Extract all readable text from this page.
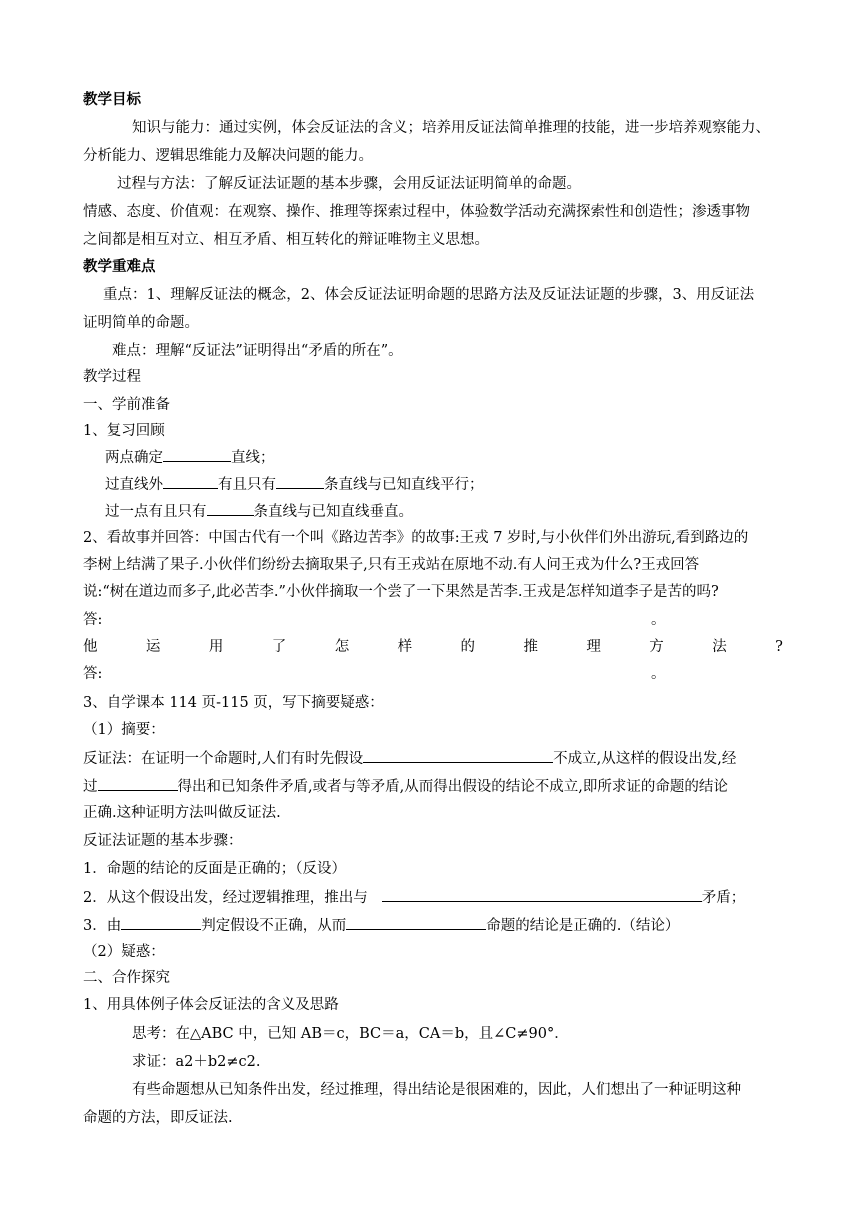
教学目标
知识与能力：通过实例，体会反证法的含义；培养用反证法简单推理的技能，进一步培养观察能力、
分析能力、逻辑思维能力及解决问题的能力。
过程与方法：了解反证法证题的基本步骤，会用反证法证明简单的命题。
情感、态度、价值观：在观察、操作、推理等探索过程中，体验数学活动充满探索性和创造性；渗透事物
之间都是相互对立、相互矛盾、相互转化的辩证唯物主义思想。
教学重难点
重点：1、理解反证法的概念，2、体会反证法证明命题的思路方法及反证法证题的步骤，3、用反证法
证明简单的命题。
难点：理解“反证法”证明得出“矛盾的所在”。
教学过程
一、学前准备
1、复习回顾
两点确定	直线；
过直线外	有且只有	条直线与已知直线平行；
过一点有且只有	条直线与已知直线垂直。
2、看故事并回答：中国古代有一个叫《路边苦李》的故事:王戎 7 岁时,与小伙伴们外出游玩,看到路边的
李树上结满了果子.小伙伴们纷纷去摘取果子,只有王戎站在原地不动.有人问王戎为什么?王戎回答
说:“树在道边而多子,此必苦李.”小伙伴摘取一个尝了一下果然是苦李.王戎是怎样知道李子是苦的吗?
答:	。
他	运	用	了	怎	样	的	推	理	方	法	?
答:	。
3、自学课本 114 页-115 页，写下摘要疑惑：
（1）摘要：
反证法：在证明一个命题时,人们有时先假设	不成立,从这样的假设出发,经
过	得出和已知条件矛盾,或者与等矛盾,从而得出假设的结论不成立,即所求证的命题的结论
正确.这种证明方法叫做反证法.
反证法证题的基本步骤：
1．命题的结论的反面是正确的；（反设）
2．从这个假设出发，经过逻辑推理，推出与	矛盾；
3．由	判定假设不正确，从而	命题的结论是正确的.（结论）
（2）疑惑：
二、合作探究
1、用具体例子体会反证法的含义及思路
思考：在△ABC 中，已知 AB＝c，BC＝a，CA＝b，且∠C≠90°．
求证：a2＋b2≠c2.
有些命题想从已知条件出发，经过推理，得出结论是很困难的，因此，人们想出了一种证明这种
命题的方法，即反证法.
